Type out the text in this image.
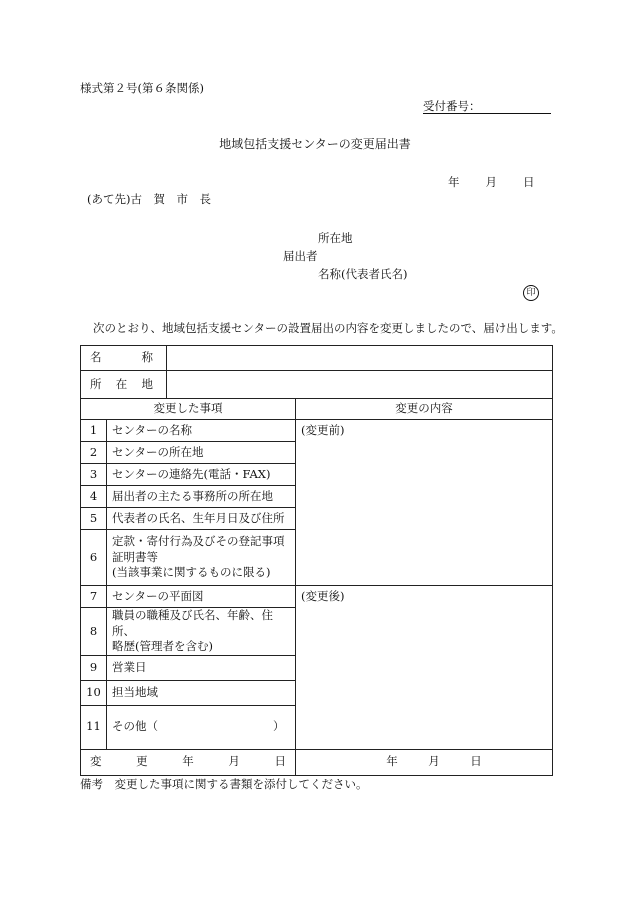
様式第２号(第６条関係)
受付番号：
地域包括支援センターの変更届出書
年 月 日
(あて先)古　賀　市　長
所在地
届出者
名称(代表者氏名)
印
次のとおり、地域包括支援センターの設置届出の内容を変更しましたので、届け出します。
名 称			

所 在 地			

変更した事項			変更の内容
1	センターの名称		(変更前)
2	センターの所在地		
3	センターの連絡先(電話・FAX)		
4	届出者の主たる事務所の所在地		
5	代表者の氏名、生年月日及び住所		
6	定款・寄付行為及びその登記事項
証明書等
(当該事業に関するものに限る)		

7	センターの平面図		(変更後)
8	職員の職種及び氏名、年齢、住所、
略歴(管理者を含む)		

9	営業日		
10	担当地域		
11	その他（　　　　　　　　　　）		

変 更 年 月 日			年 月 日
備考　変更した事項に関する書類を添付してください。
